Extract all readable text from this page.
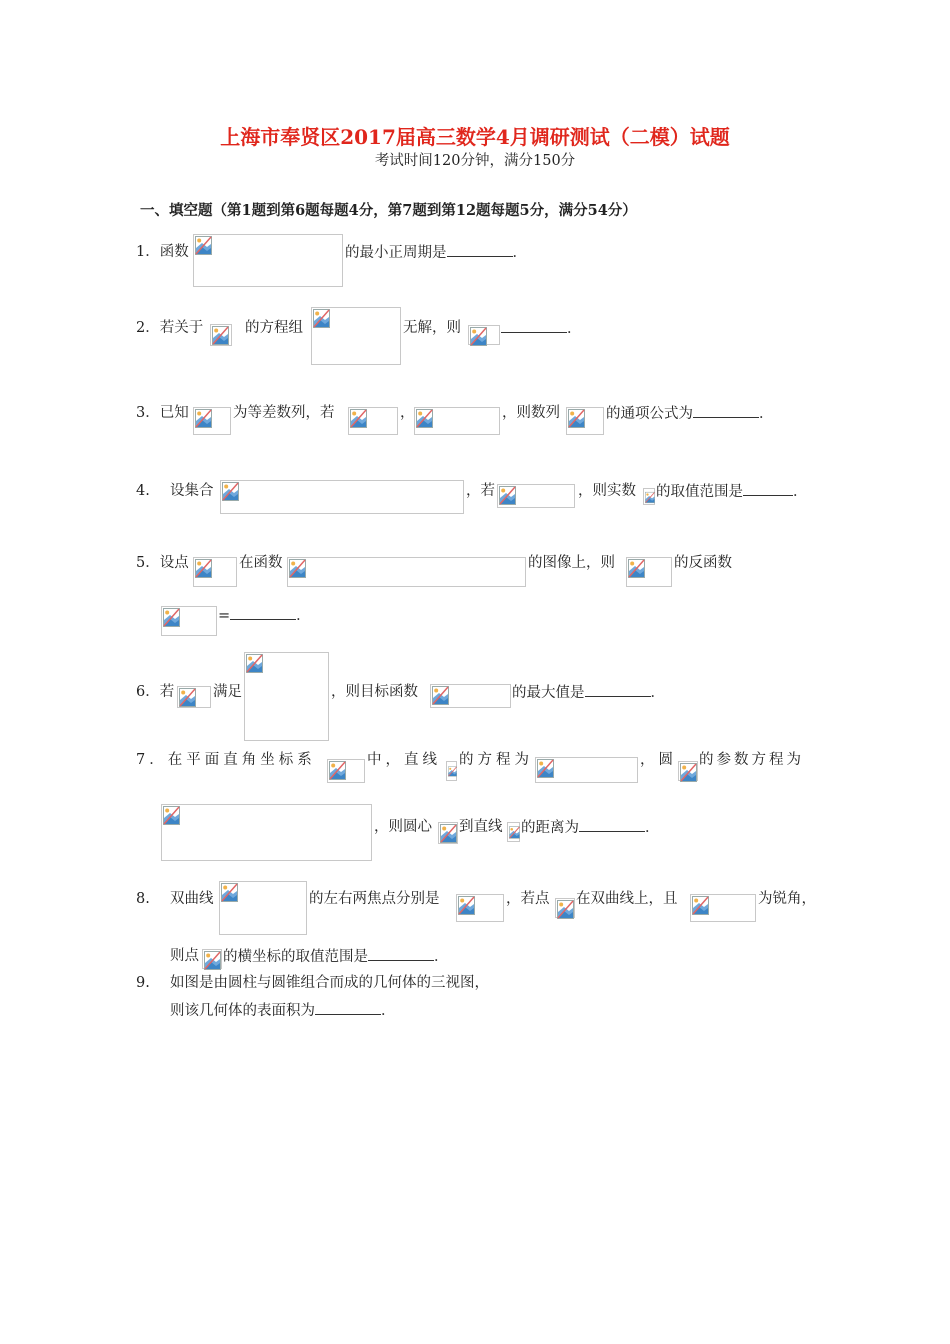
上海市奉贤区2017届高三数学4月调研测试（二模）试题
考试时间120分钟，满分150分
一、填空题（第1题到第6题每题4分，第7题到第12题每题5分，满分54分）
1．函数	的最小正周期是	．
2．若关于	的方程组	无解，则	．
3．已知	为等差数列，若	，	，则数列	的通项公式为	．
4. 设集合	，若	，则实数 的取值范围是	．
5．设点	在函数	的图像上，则	的反函数
=	．
6．若	满足	，则目标函数	的最大值是	．
7．在平面直角坐标系	中，直线 的方程为	，圆 的参数方程为
，则圆心 到直线 的距离为	．
8. 双曲线	的左右两焦点分别是	，若点 在双曲线上，且	为锐角，
则点 的横坐标的取值范围是	．
9. 如图是由圆柱与圆锥组合而成的几何体的三视图，
则该几何体的表面积为	．
